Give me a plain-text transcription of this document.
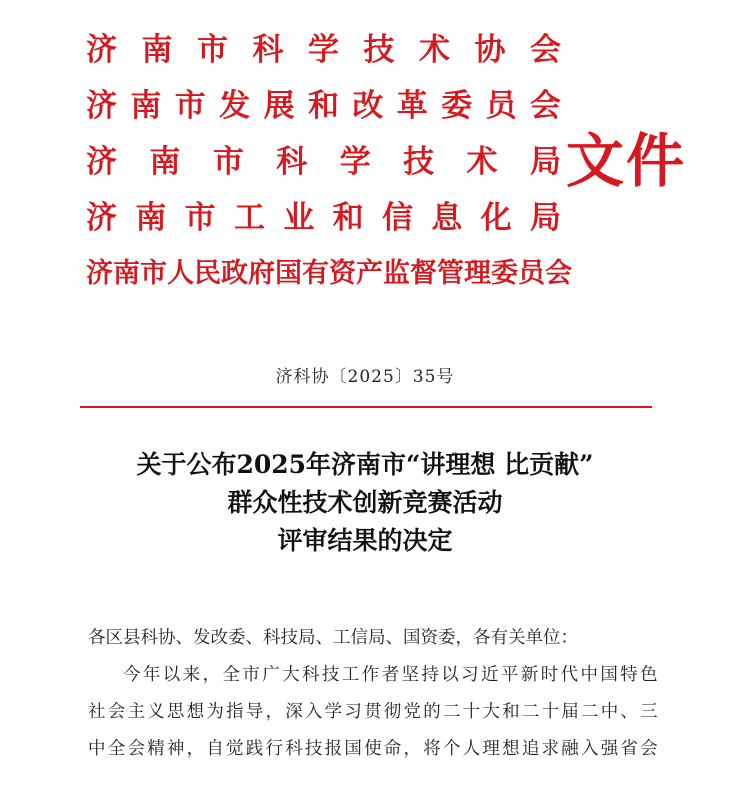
济 南 市 科 学 技 术 协 会
济 南 市 发 展 和 改 革 委 员 会
济 南 市 科 学 技 术 局
济 南 市 工 业 和 信 息 化 局
济 南 市 人 民 政 府 国 有 资 产 监 督 管 理 委 员 会
文件
济科协〔2025〕35号
关于公布2025年济南市“讲理想 比贡献”
群众性技术创新竞赛活动
评审结果的决定
各区县科协、发改委、科技局、工信局、国资委，各有关单位：
今 年 以 来 ， 全 市 广 大 科 技 工 作 者 坚 持 以 习 近 平 新 时 代 中 国 特 色
社 会 主 义 思 想 为 指 导 ， 深 入 学 习 贯 彻 党 的 二 十 大 和 二 十 届 二 中 、 三
中 全 会 精 神 ， 自 觉 践 行 科 技 报 国 使 命 ， 将 个 人 理 想 追 求 融 入 强 省 会
